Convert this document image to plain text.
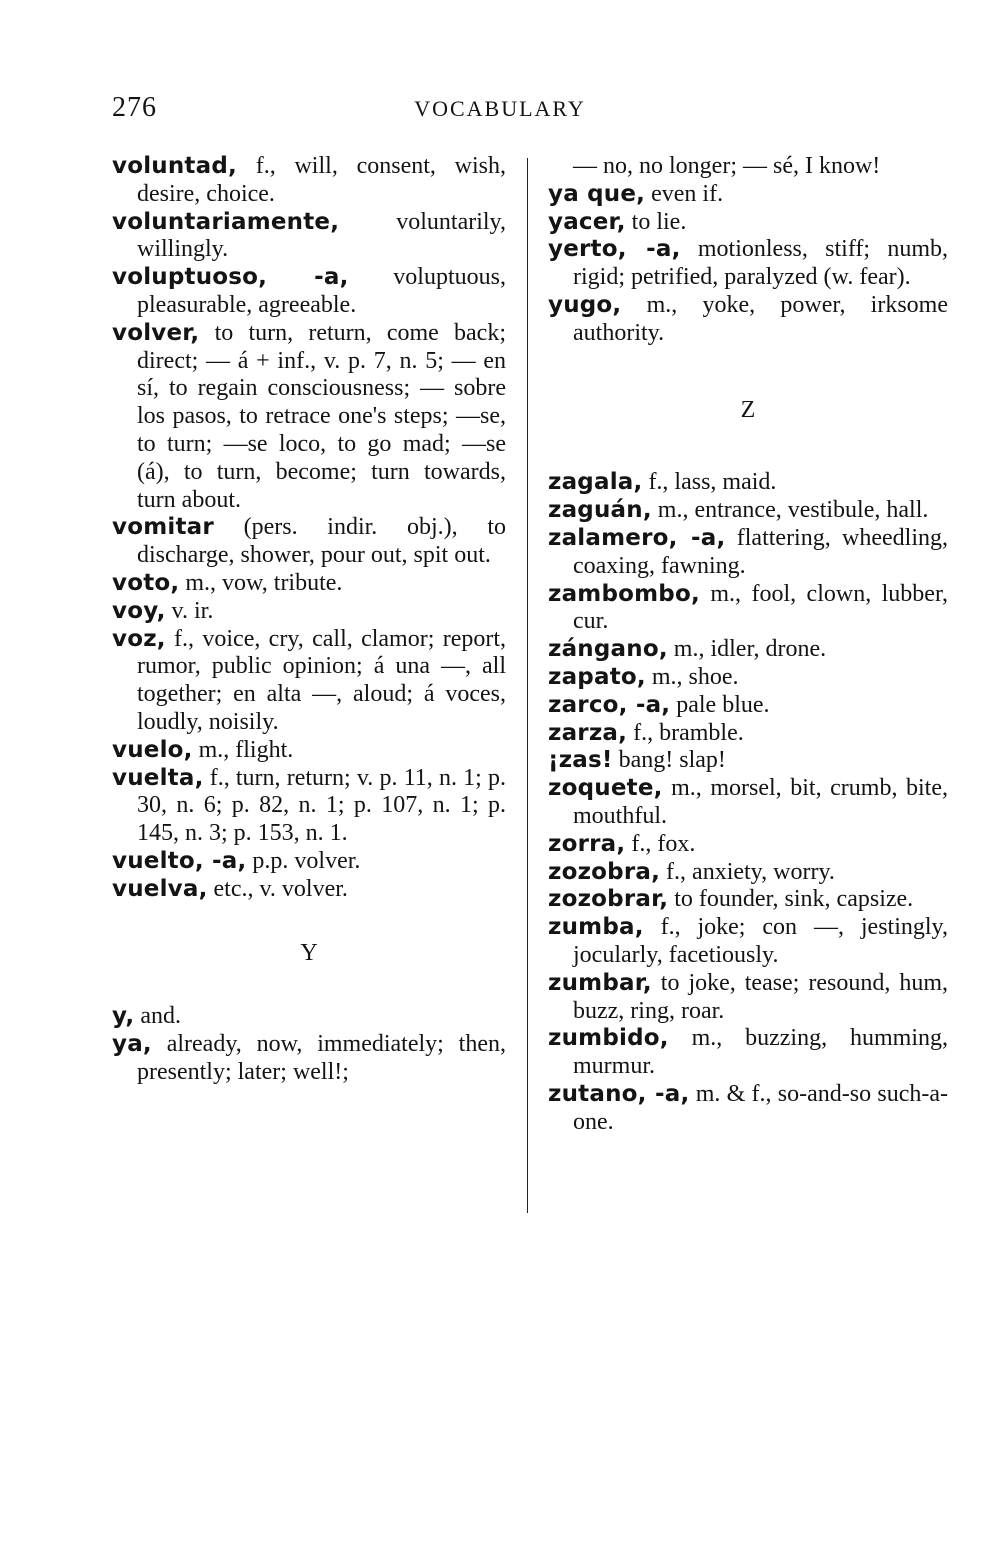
276	VOCABULARY

voluntad, f., will, consent, wish, desire, choice.

voluntariamente, voluntarily, willingly.

voluptuoso, -a, voluptuous, pleasurable, agreeable.

volver, to turn, return, come back; direct; — á + inf., v. p. 7, n. 5; — en sí, to regain consciousness; — sobre los pasos, to retrace one's steps; —se, to turn; —se loco, to go mad; —se (á), to turn, become; turn towards, turn about.

vomitar (pers. indir. obj.), to discharge, shower, pour out, spit out.

voto, m., vow, tribute.

voy, v. ir.

voz, f., voice, cry, call, clamor; report, rumor, public opinion; á una —, all together; en alta —, aloud; á voces, loudly, noisily.

vuelo, m., flight.

vuelta, f., turn, return; v. p. 11, n. 1; p. 30, n. 6; p. 82, n. 1; p. 107, n. 1; p. 145, n. 3; p. 153, n. 1.

vuelto, -a, p.p. volver.

vuelva, etc., v. volver.

Y

y, and.

ya, already, now, immediately; then, presently; later; well!;

— no, no longer; — sé, I know!

ya que, even if.

yacer, to lie.

yerto, -a, motionless, stiff; numb, rigid; petrified, paralyzed (w. fear).

yugo, m., yoke, power, irksome authority.

Z

zagala, f., lass, maid.

zaguán, m., entrance, vestibule, hall.

zalamero, -a, flattering, wheedling, coaxing, fawning.

zambombo, m., fool, clown, lubber, cur.

zángano, m., idler, drone.

zapato, m., shoe.

zarco, -a, pale blue.

zarza, f., bramble.

¡zas! bang! slap!

zoquete, m., morsel, bit, crumb, bite, mouthful.

zorra, f., fox.

zozobra, f., anxiety, worry.

zozobrar, to founder, sink, capsize.

zumba, f., joke; con —, jestingly, jocularly, facetiously.

zumbar, to joke, tease; resound, hum, buzz, ring, roar.

zumbido, m., buzzing, humming, murmur.

zutano, -a, m. & f., so-and-so such-a-one.
